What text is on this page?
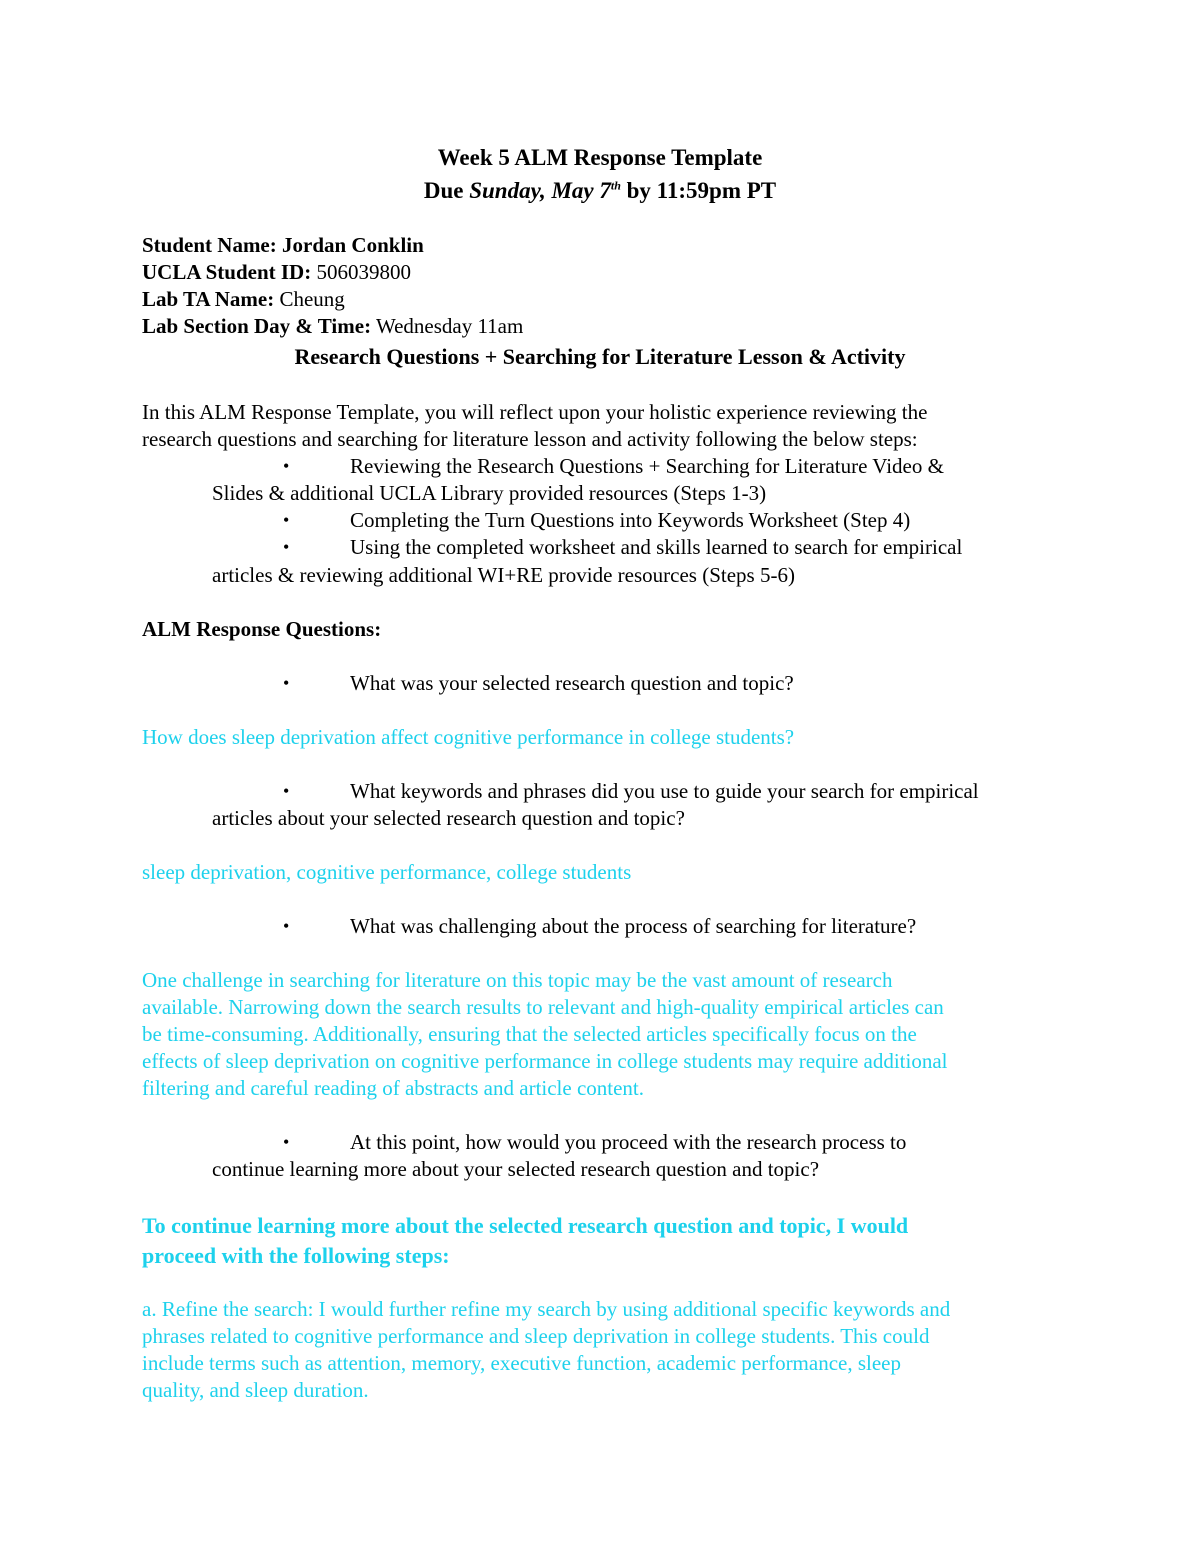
Week 5 ALM Response Template
Due Sunday, May 7th by 11:59pm PT
Student Name: Jordan Conklin
UCLA Student ID: 506039800
Lab TA Name: Cheung
Lab Section Day & Time: Wednesday 11am
Research Questions + Searching for Literature Lesson & Activity
In this ALM Response Template, you will reflect upon your holistic experience reviewing the
research questions and searching for literature lesson and activity following the below steps:
•	Reviewing the Research Questions + Searching for Literature Video &
Slides & additional UCLA Library provided resources (Steps 1-3)
•	Completing the Turn Questions into Keywords Worksheet (Step 4)
•	Using the completed worksheet and skills learned to search for empirical
articles & reviewing additional WI+RE provide resources (Steps 5-6)
ALM Response Questions:
•	What was your selected research question and topic?
How does sleep deprivation affect cognitive performance in college students?
•	What keywords and phrases did you use to guide your search for empirical
articles about your selected research question and topic?
sleep deprivation, cognitive performance, college students
•	What was challenging about the process of searching for literature?
One challenge in searching for literature on this topic may be the vast amount of research
available. Narrowing down the search results to relevant and high-quality empirical articles can
be time-consuming. Additionally, ensuring that the selected articles specifically focus on the
effects of sleep deprivation on cognitive performance in college students may require additional
filtering and careful reading of abstracts and article content.
•	At this point, how would you proceed with the research process to
continue learning more about your selected research question and topic?
To continue learning more about the selected research question and topic, I would
proceed with the following steps:
a. Refine the search: I would further refine my search by using additional specific keywords and
phrases related to cognitive performance and sleep deprivation in college students. This could
include terms such as attention, memory, executive function, academic performance, sleep
quality, and sleep duration.
